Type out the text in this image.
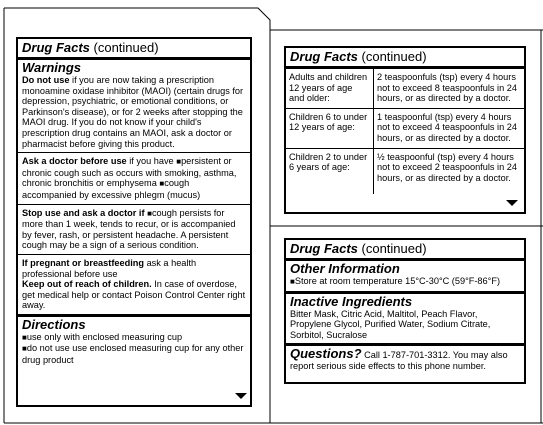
Drug Facts (continued)
Warnings
Do not use if you are now taking a prescription monoamine oxidase inhibitor (MAOI) (certain drugs for depression, psychiatric, or emotional conditions, or Parkinson's disease), or for 2 weeks after stopping the MAOI drug. If you do not know if your child's prescription drug contains an MAOI, ask a doctor or pharmacist before giving this product.
Ask a doctor before use if you have ■persistent or chronic cough such as occurs with smoking, asthma, chronic bronchitis or emphysema ■cough accompanied by excessive phlegm (mucus)
Stop use and ask a doctor if ■cough persists for more than 1 week, tends to recur, or is accompanied by fever, rash, or persistent headache. A persistent cough may be a sign of a serious condition.
If pregnant or breastfeeding ask a health professional before use
Keep out of reach of children. In case of overdose, get medical help or contact Poison Control Center right away.
Directions
■use only with enclosed measuring cup
■do not use use enclosed measuring cup for any other drug product
Drug Facts (continued)
Adults and children 12 years of age and older:	2 teaspoonfuls (tsp) every 4 hours not to exceed 8 teaspoonfuls in 24 hours, or as directed by a doctor.
Children 6 to under 12 years of age:	1 teaspoonful (tsp) every 4 hours not to exceed 4 teaspoonfuls in 24 hours, or as directed by a doctor.
Children 2 to under 6 years of age:	½ teaspoonful (tsp) every 4 hours not to exceed 2 teaspoonfuls in 24 hours, or as directed by a doctor.
Drug Facts (continued)
Other Information
■Store at room temperature 15°C-30°C (59°F-86°F)
Inactive Ingredients
Bitter Mask, Citric Acid, Maltitol, Peach Flavor, Propylene Glycol, Purified Water, Sodium Citrate, Sorbitol, Sucralose
Questions? Call 1-787-701-3312. You may also report serious side effects to this phone number.
